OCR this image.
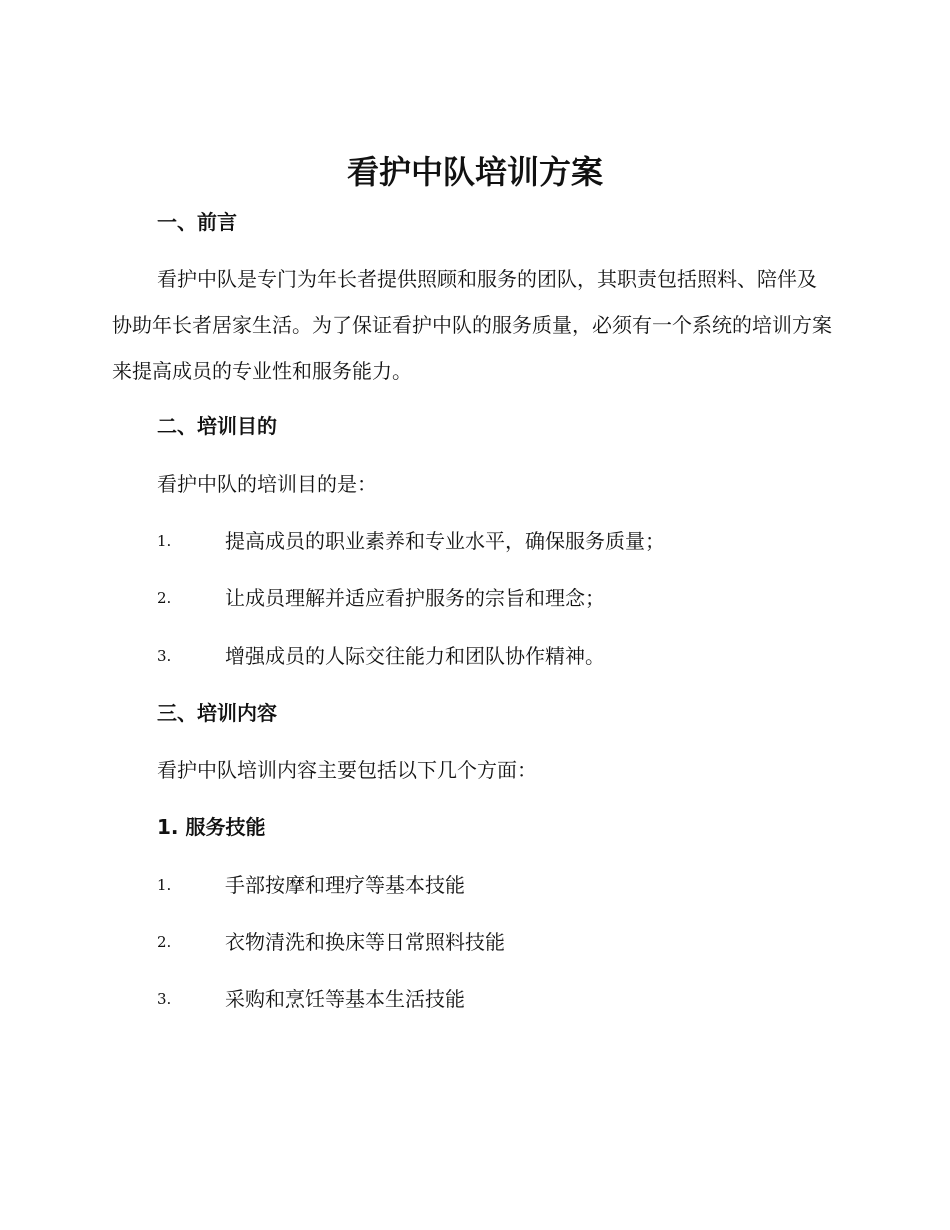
看护中队培训方案
一、前言

看护中队是专门为年长者提供照顾和服务的团队，其职责包括照料、陪伴及协助年长者居家生活。为了保证看护中队的服务质量，必须有一个系统的培训方案来提高成员的专业性和服务能力。

二、培训目的

看护中队的培训目的是：

1.	提高成员的职业素养和专业水平，确保服务质量；
2.	让成员理解并适应看护服务的宗旨和理念；
3.	增强成员的人际交往能力和团队协作精神。
三、培训内容

看护中队培训内容主要包括以下几个方面：

1. 服务技能
1.	手部按摩和理疗等基本技能
2.	衣物清洗和换床等日常照料技能
3.	采购和烹饪等基本生活技能
